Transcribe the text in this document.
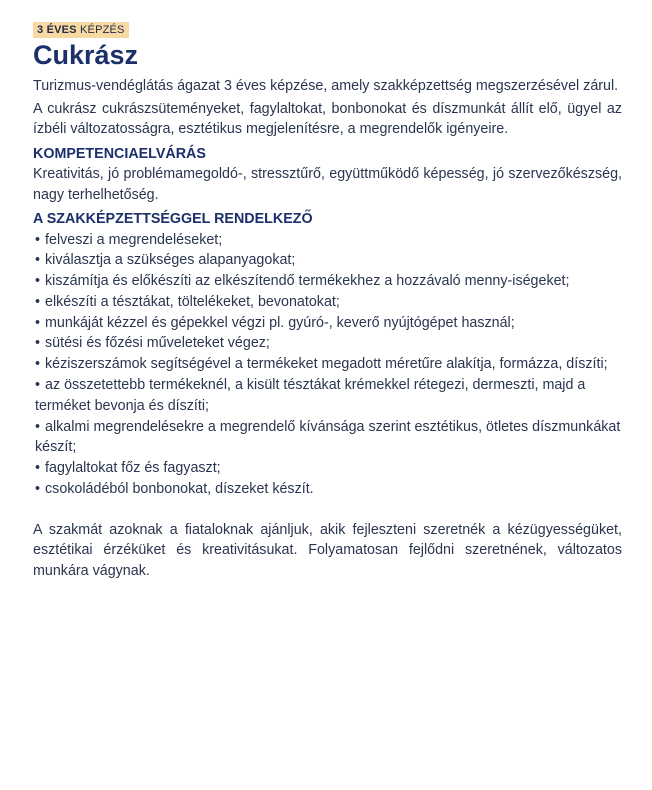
3 ÉVES KÉPZÉS
Cukrász

Turizmus-vendéglátás ágazat 3 éves képzése, amely szakképzettség megszerzésével zárul.

A cukrász cukrászsüteményeket, fagylaltokat, bonbonokat és díszmunkát állít elő, ügyel az ízbéli változatosságra, esztétikus megjelenítésre, a megrendelők igényeire.

KOMPETENCIAELVÁRÁS

Kreativitás, jó problémamegoldó-, stressztűrő, együttműködő képesség, jó szervezőkészség, nagy terhelhetőség.

A SZAKKÉPZETTSÉGGEL RENDELKEZŐ
• felveszi a megrendeléseket;
• kiválasztja a szükséges alapanyagokat;
• kiszámítja és előkészíti az elkészítendő termékekhez a hozzávaló menny-iségeket;
• elkészíti a tésztákat, töltelékeket, bevonatokat;
• munkáját kézzel és gépekkel végzi pl. gyúró-, keverő nyújtógépet használ;
• sütési és főzési műveleteket végez;
• kéziszerszámok segítségével a termékeket megadott méretűre alakítja, formázza, díszíti;
• az összetettebb termékeknél, a kisült tésztákat krémekkel rétegezi, dermeszti, majd a terméket bevonja és díszíti;
• alkalmi megrendelésekre a megrendelő kívánsága szerint esztétikus, ötletes díszmunkákat készít;
• fagylaltokat főz és fagyaszt;
• csokoládéból bonbonokat, díszeket készít.

A szakmát azoknak a fiataloknak ajánljuk, akik fejleszteni szeretnék a kézügyességüket, esztétikai érzéküket és kreativitásukat. Folyamatosan fejlődni szeretnének, változatos munkára vágynak.
